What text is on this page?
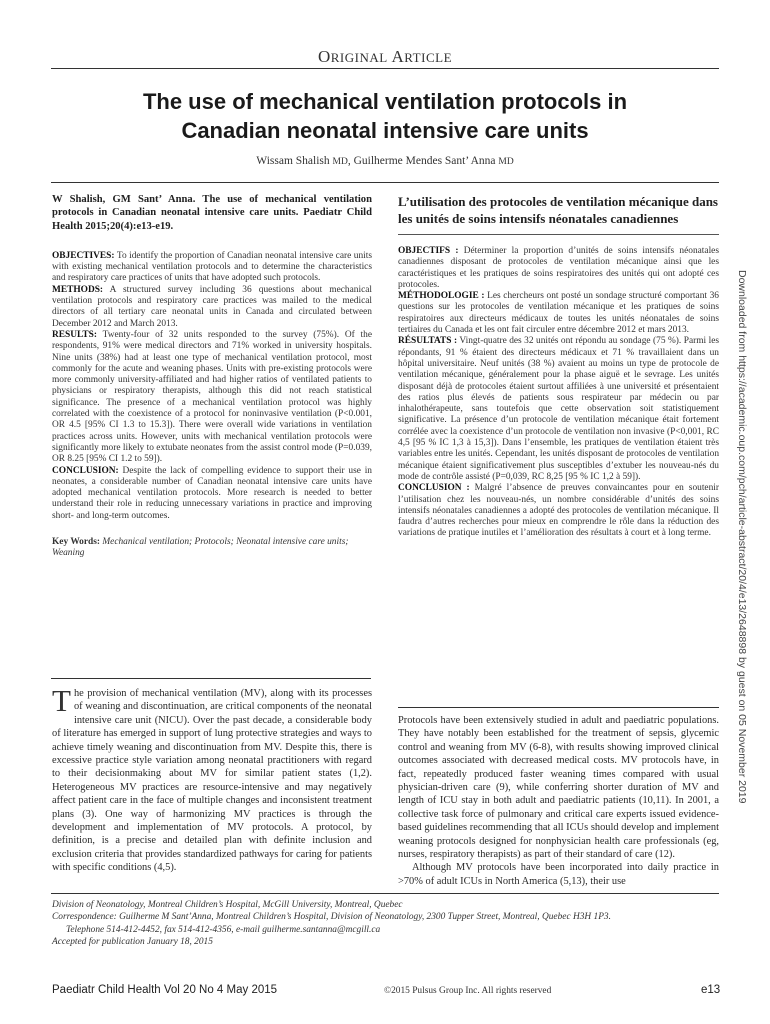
ORIGINAL ARTICLE
The use of mechanical ventilation protocols in
Canadian neonatal intensive care units
Wissam Shalish MD, Guilherme Mendes Sant’ Anna MD
W Shalish, GM Sant’ Anna. The use of mechanical ventilation protocols in Canadian neonatal intensive care units. Paediatr Child Health 2015;20(4):e13-e19.

OBJECTIVES: To identify the proportion of Canadian neonatal intensive care units with existing mechanical ventilation protocols and to determine the characteristics and respiratory care practices of units that have adopted such protocols.

METHODS: A structured survey including 36 questions about mechanical ventilation protocols and respiratory care practices was mailed to the medical directors of all tertiary care neonatal units in Canada and circulated between December 2012 and March 2013.

RESULTS: Twenty-four of 32 units responded to the survey (75%). Of the respondents, 91% were medical directors and 71% worked in university hospitals. Nine units (38%) had at least one type of mechanical ventilation protocol, most commonly for the acute and weaning phases. Units with pre-existing protocols were more commonly university-affiliated and had higher ratios of ventilated patients to physicians or respiratory therapists, although this did not reach statistical significance. The presence of a mechanical ventilation protocol was highly correlated with the coexistence of a protocol for noninvasive ventilation (P<0.001, OR 4.5 [95% CI 1.3 to 15.3]). There were overall wide variations in ventilation practices across units. However, units with mechanical ventilation protocols were significantly more likely to extubate neonates from the assist control mode (P=0.039, OR 8.25 [95% CI 1.2 to 59]).

CONCLUSION: Despite the lack of compelling evidence to support their use in neonates, a considerable number of Canadian neonatal intensive care units have adopted mechanical ventilation protocols. More research is needed to better understand their role in reducing unnecessary variations in practice and improving short- and long-term outcomes.

Key Words: Mechanical ventilation; Protocols; Neonatal intensive care units; Weaning
L’utilisation des protocoles de ventilation mécanique dans les unités de soins intensifs néonatales canadiennes

OBJECTIFS : Déterminer la proportion d’unités de soins intensifs néonatales canadiennes disposant de protocoles de ventilation mécanique ainsi que les caractéristiques et les pratiques de soins respiratoires des unités qui ont adopté ces protocoles.

MÉTHODOLOGIE : Les chercheurs ont posté un sondage structuré comportant 36 questions sur les protocoles de ventilation mécanique et les pratiques de soins respiratoires aux directeurs médicaux de toutes les unités néonatales de soins tertiaires du Canada et les ont fait circuler entre décembre 2012 et mars 2013.

RÉSULTATS : Vingt-quatre des 32 unités ont répondu au sondage (75 %). Parmi les répondants, 91 % étaient des directeurs médicaux et 71 % travaillaient dans un hôpital universitaire. Neuf unités (38 %) avaient au moins un type de protocole de ventilation mécanique, généralement pour la phase aiguë et le sevrage. Les unités disposant déjà de protocoles étaient surtout affiliées à une université et présentaient des ratios plus élevés de patients sous respirateur par médecin ou par inhalothérapeute, sans toutefois que cette observation soit statistiquement significative. La présence d’un protocole de ventilation mécanique était fortement corrélée avec la coexistence d’un protocole de ventilation non invasive (P<0,001, RC 4,5 [95 % IC 1,3 à 15,3]). Dans l’ensemble, les pratiques de ventilation étaient très variables entre les unités. Cependant, les unités disposant de protocoles de ventilation mécanique étaient significativement plus susceptibles d’extuber les nouveau-nés du mode de contrôle assisté (P=0,039, RC 8,25 [95 % IC 1,2 à 59]).

CONCLUSION : Malgré l’absence de preuves convaincantes pour en soutenir l’utilisation chez les nouveau-nés, un nombre considérable d’unités des soins intensifs néonatales canadiennes a adopté des protocoles de ventilation mécanique. Il faudra d’autres recherches pour mieux en comprendre le rôle dans la réduction des variations de pratique inutiles et l’amélioration des résultats à court et à long terme.

The provision of mechanical ventilation (MV), along with its processes of weaning and discontinuation, are critical components of the neonatal intensive care unit (NICU). Over the past decade, a considerable body of literature has emerged in support of lung protective strategies and ways to achieve timely weaning and discontinuation from MV. Despite this, there is excessive practice style variation among neonatal practitioners with regard to their decisionmaking about MV for similar patient states (1,2). Heterogeneous MV practices are resource-intensive and may negatively affect patient care in the face of multiple changes and inconsistent treatment plans (3). One way of harmonizing MV practices is through the development and implementation of MV protocols. A protocol, by definition, is a precise and detailed plan with definite inclusion and exclusion criteria that provides standardized pathways for caring for patients with specific conditions (4,5).

Protocols have been extensively studied in adult and paediatric populations. They have notably been established for the treatment of sepsis, glycemic control and weaning from MV (6-8), with results showing improved clinical outcomes associated with decreased medical costs. MV protocols have, in fact, repeatedly produced faster weaning times compared with usual physician-driven care (9), while conferring shorter duration of MV and length of ICU stay in both adult and paediatric patients (10,11). In 2001, a collective task force of pulmonary and critical care experts issued evidence-based guidelines recommending that all ICUs should develop and implement weaning protocols designed for nonphysician health care professionals (eg, nurses, respiratory therapists) as part of their standard of care (12).

Although MV protocols have been incorporated into daily practice in >70% of adult ICUs in North America (5,13), their use

Division of Neonatology, Montreal Children’s Hospital, McGill University, Montreal, Quebec
Correspondence: Guilherme M Sant’Anna, Montreal Children’s Hospital, Division of Neonatology, 2300 Tupper Street, Montreal, Quebec H3H 1P3.
Telephone 514-412-4452, fax 514-412-4356, e-mail guilherme.santanna@mcgill.ca
Accepted for publication January 18, 2015
Paediatr Child Health Vol 20 No 4 May 2015	©2015 Pulsus Group Inc. All rights reserved	e13
Downloaded from https://academic.oup.com/pch/article-abstract/20/4/e13/2648898 by guest on 05 November 2019
